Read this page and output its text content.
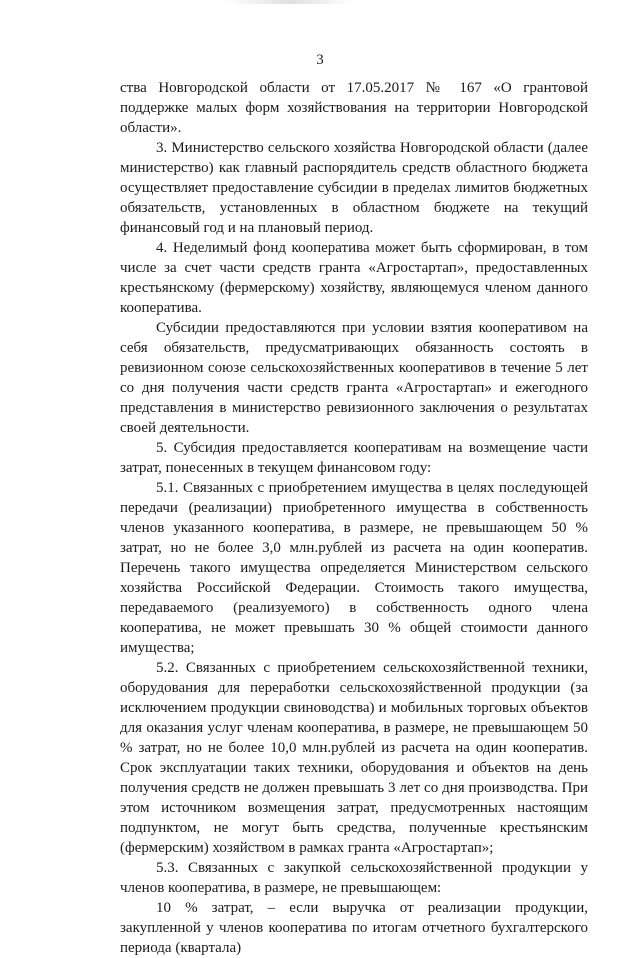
3

ства Новгородской области от 17.05.2017 № 167 «О грантовой поддержке малых форм хозяйствования на территории Новгородской области».

3. Министерство сельского хозяйства Новгородской области (далее министерство) как главный распорядитель средств областного бюджета осуществляет предоставление субсидии в пределах лимитов бюджетных обязательств, установленных в областном бюджете на текущий финансовый год и на плановый период.

4. Неделимый фонд кооператива может быть сформирован, в том числе за счет части средств гранта «Агростартап», предоставленных крестьянскому (фермерскому) хозяйству, являющемуся членом данного кооператива.

Субсидии предоставляются при условии взятия кооперативом на себя обязательств, предусматривающих обязанность состоять в ревизионном союзе сельскохозяйственных кооперативов в течение 5 лет со дня получения части средств гранта «Агростартап» и ежегодного представления в министерство ревизионного заключения о результатах своей деятельности.

5. Субсидия предоставляется кооперативам на возмещение части затрат, понесенных в текущем финансовом году:

5.1. Связанных с приобретением имущества в целях последующей передачи (реализации) приобретенного имущества в собственность членов указанного кооператива, в размере, не превышающем 50 % затрат, но не более 3,0 млн.рублей из расчета на один кооператив. Перечень такого имущества определяется Министерством сельского хозяйства Российской Федерации. Стоимость такого имущества, передаваемого (реализуемого) в собственность одного члена кооператива, не может превышать 30 % общей стоимости данного имущества;

5.2. Связанных с приобретением сельскохозяйственной техники, оборудования для переработки сельскохозяйственной продукции (за исключением продукции свиноводства) и мобильных торговых объектов для оказания услуг членам кооператива, в размере, не превышающем 50 % затрат, но не более 10,0 млн.рублей из расчета на один кооператив. Срок эксплуатации таких техники, оборудования и объектов на день получения средств не должен превышать 3 лет со дня производства. При этом источником возмещения затрат, предусмотренных настоящим подпунктом, не могут быть средства, полученные крестьянским (фермерским) хозяйством в рамках гранта «Агростартап»;

5.3. Связанных с закупкой сельскохозяйственной продукции у членов кооператива, в размере, не превышающем:

10 % затрат, – если выручка от реализации продукции, закупленной у членов кооператива по итогам отчетного бухгалтерского периода (квартала)
